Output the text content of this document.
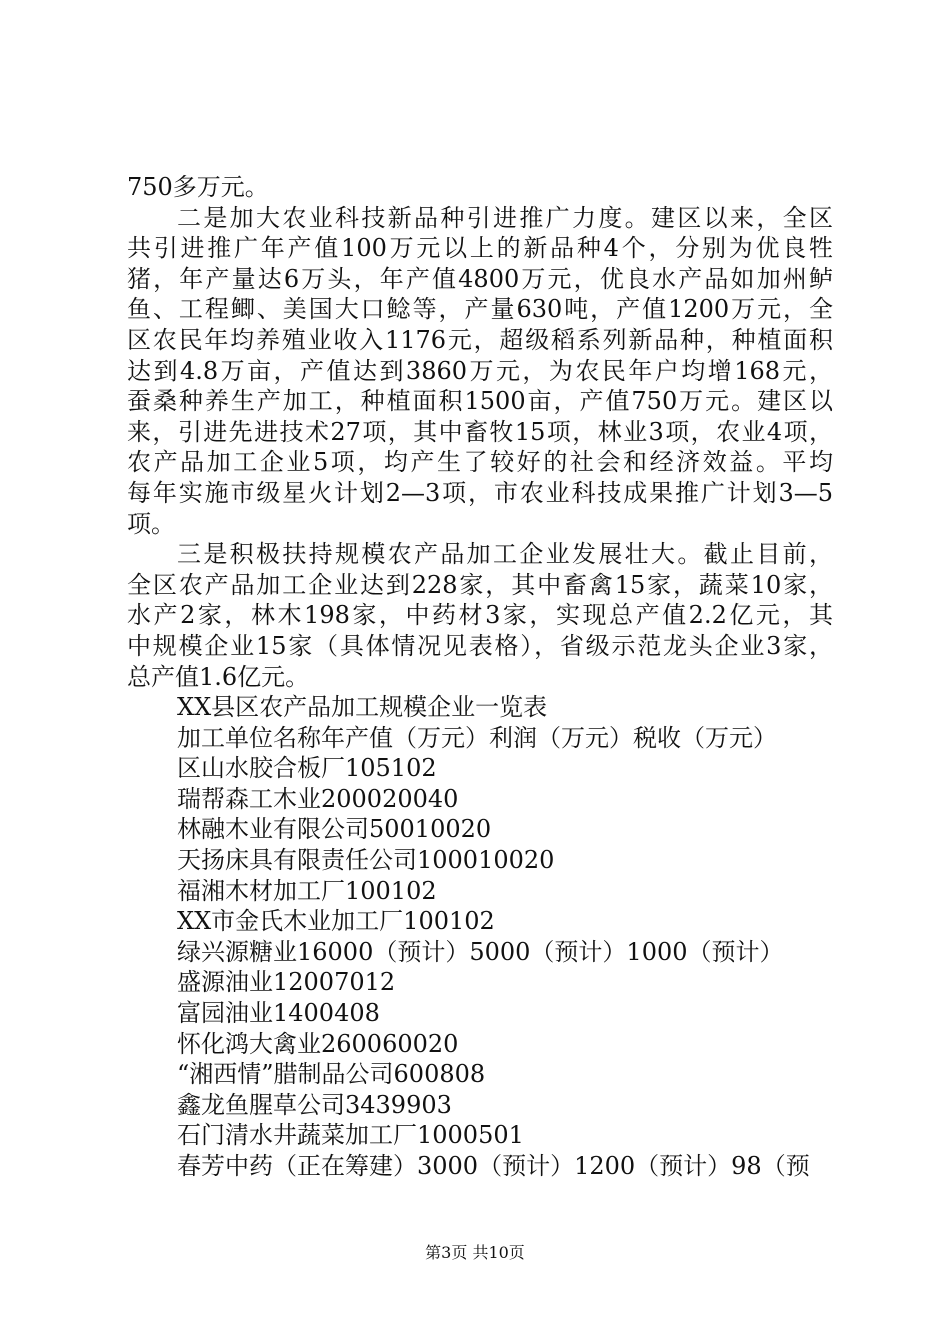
750多万元。
二是加大农业科技新品种引进推广力度。建区以来，全区
共引进推广年产值100万元以上的新品种4个，分别为优良牲
猪，年产量达6万头，年产值4800万元，优良水产品如加州鲈
鱼、工程鲫、美国大口鲶等，产量630吨，产值1200万元，全
区农民年均养殖业收入1176元，超级稻系列新品种，种植面积
达到4.8万亩，产值达到3860万元，为农民年户均增168元，
蚕桑种养生产加工，种植面积1500亩，产值750万元。建区以
来，引进先进技术27项，其中畜牧15项，林业3项，农业4项，
农产品加工企业5项，均产生了较好的社会和经济效益。平均
每年实施市级星火计划2—3项，市农业科技成果推广计划3—5
项。
三是积极扶持规模农产品加工企业发展壮大。截止目前，
全区农产品加工企业达到228家，其中畜禽15家，蔬菜10家，
水产2家，林木198家，中药材3家，实现总产值2.2亿元，其
中规模企业15家（具体情况见表格），省级示范龙头企业3家，
总产值1.6亿元。
XX县区农产品加工规模企业一览表
加工单位名称年产值（万元）利润（万元）税收（万元）
区山水胶合板厂105102
瑞帮森工木业200020040
林融木业有限公司50010020
天扬床具有限责任公司100010020
福湘木材加工厂100102
XX市金氏木业加工厂100102
绿兴源糖业16000（预计）5000（预计）1000（预计）
盛源油业12007012
富园油业1400408
怀化鸿大禽业260060020
“湘西情”腊制品公司600808
鑫龙鱼腥草公司3439903
石门清水井蔬菜加工厂1000501
春芳中药（正在筹建）3000（预计）1200（预计）98（预
第3页 共10页
